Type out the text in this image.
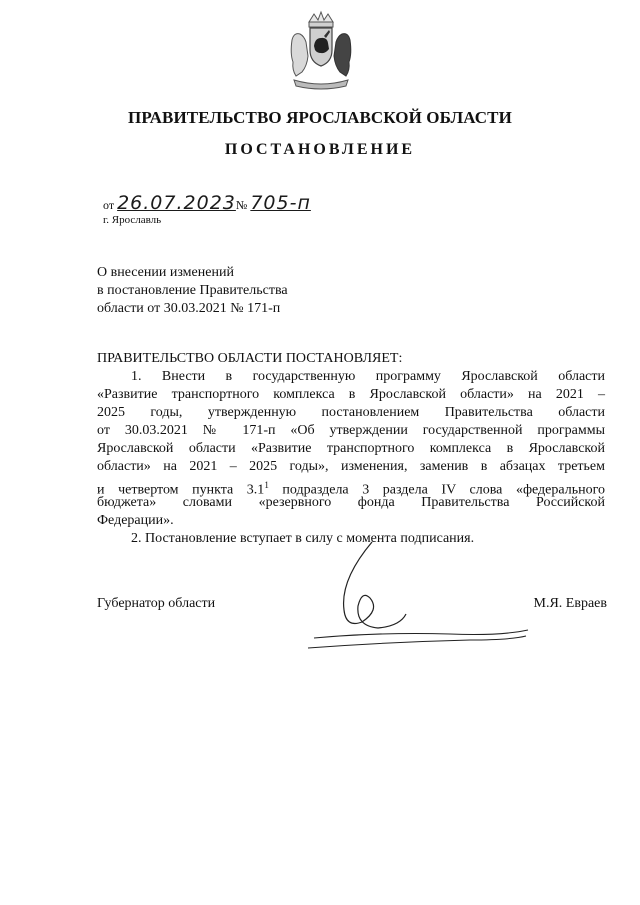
ПРАВИТЕЛЬСТВО ЯРОСЛАВСКОЙ ОБЛАСТИ
ПОСТАНОВЛЕНИЕ
от 26.07.2023№ 705-п
г. Ярославль
О внесении изменений
в постановление Правительства
области от 30.03.2021 № 171-п
ПРАВИТЕЛЬСТВО ОБЛАСТИ ПОСТАНОВЛЯЕТ:
1. Внести в государственную программу Ярославской области
«Развитие транспортного комплекса в Ярославской области» на 2021 –
2025 годы, утвержденную постановлением Правительства области
от 30.03.2021 № 171-п «Об утверждении государственной программы
Ярославской области «Развитие транспортного комплекса в Ярославской
области» на 2021 – 2025 годы», изменения, заменив в абзацах третьем
и четвертом пункта $3.1^1$ подраздела 3 раздела IV слова «федерального
бюджета» словами «резервного фонда Правительства Российской
Федерации».
2. Постановление вступает в силу с момента подписания.
Губернатор области	М.Я. Евраев
